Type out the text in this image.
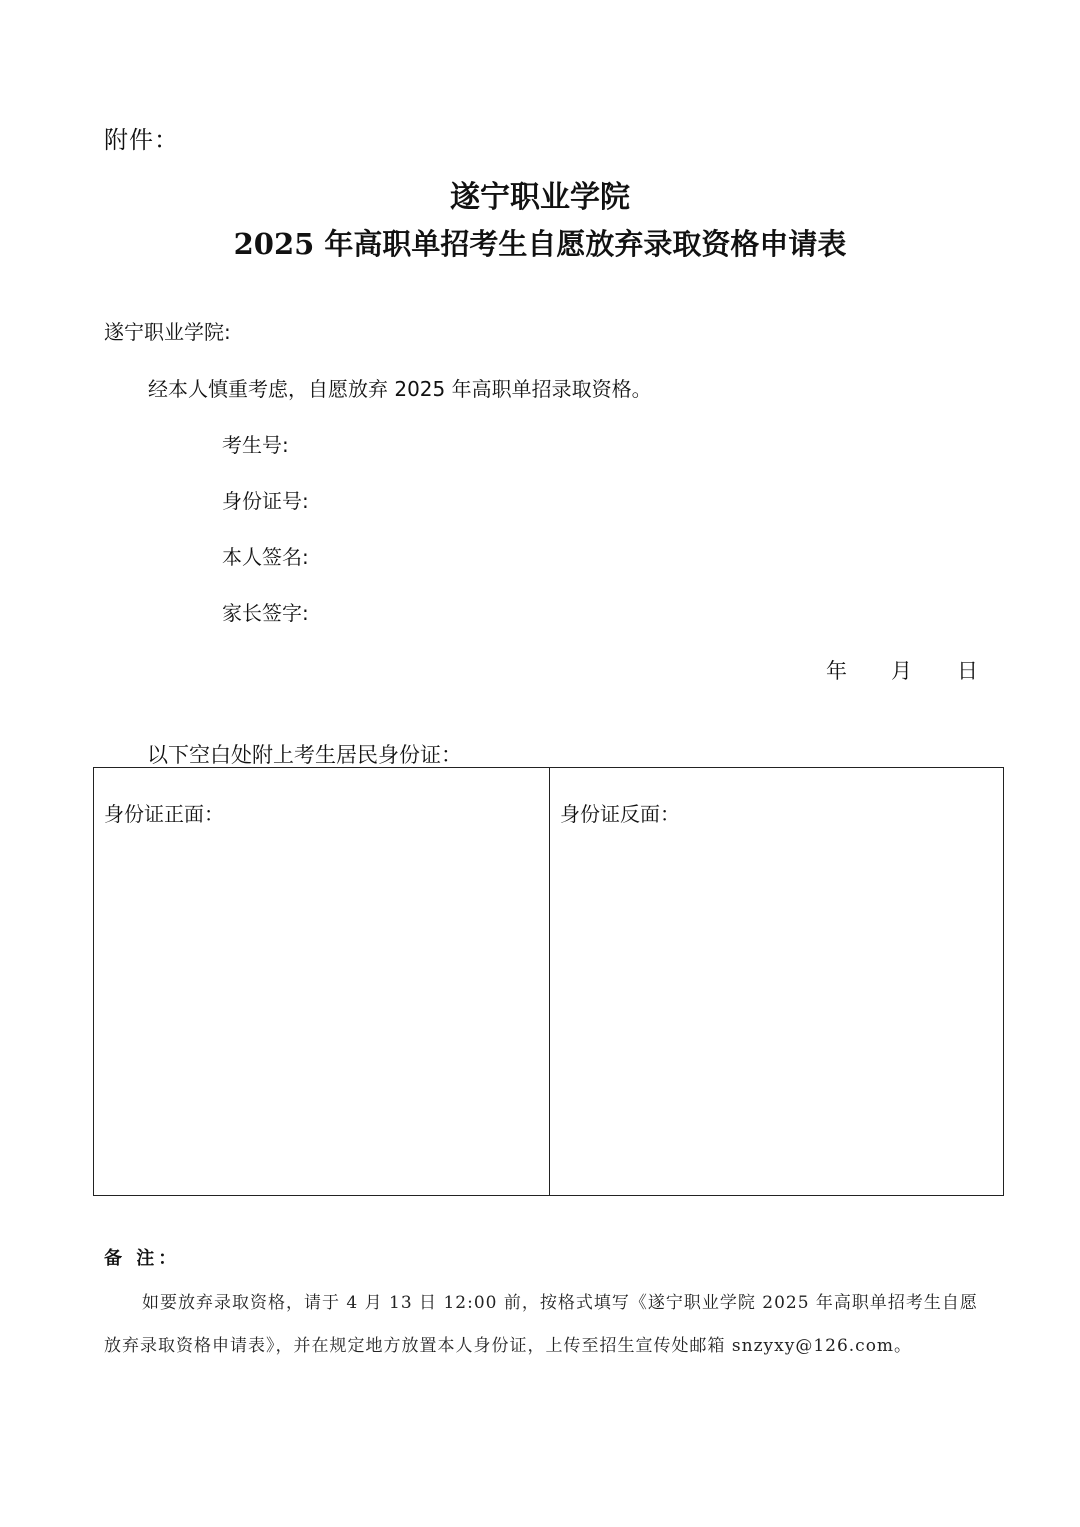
附件：
遂宁职业学院
2025 年高职单招考生自愿放弃录取资格申请表
遂宁职业学院:
经本人慎重考虑，自愿放弃 2025 年高职单招录取资格。
考生号:
身份证号:
本人签名:
家长签字:
年 月 日
以下空白处附上考生居民身份证：
身份证正面：	身份证反面：
备 注：
如要放弃录取资格，请于 4 月 13 日 12:00 前，按格式填写《遂宁职业学院 2025 年高职单招考生自愿放弃录取资格申请表》，并在规定地方放置本人身份证，上传至招生宣传处邮箱 snzyxy@126.com。
